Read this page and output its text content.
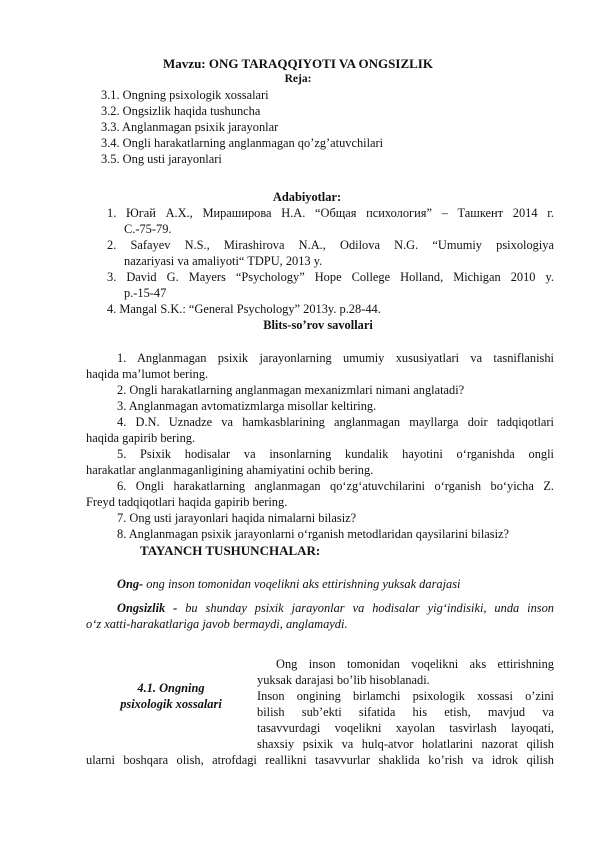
Mavzu: ONG TARAQQIYOTI VA ONGSIZLIK
Reja:
3.1. Ongning psixologik xossalari
3.2. Ongsizlik haqida tushuncha
3.3. Anglanmagan psixik jarayonlar
3.4. Ongli harakatlarning anglanmagan qo’zg’atuvchilari
3.5. Ong usti jarayonlari
Adabiyotlar:
1. Югай А.Х., Мираширова Н.А. “Общая психология” – Ташкент 2014 г.
С.-75-79.
2. Safayev N.S., Mirashirova N.A., Odilova N.G. “Umumiy psixologiya
nazariyasi va amaliyoti“ TDPU, 2013 y.
3. David G. Mayers “Psychology” Hope College Holland, Michigan 2010 y.
p.-15-47
4. Mangal S.K.: “General Psychology” 2013y. p.28-44.
Blits-so’rov savollari
1. Anglanmagan psixik jarayonlarning umumiy xususiyatlari va tasniflanishi
haqida ma’lumot bering.
2. Ongli harakatlarning anglanmagan mexanizmlari nimani anglatadi?
3. Anglanmagan avtomatizmlarga misollar keltiring.
4. D.N. Uznadze va hamkasblarining anglanmagan mayllarga doir tadqiqotlari
haqida gapirib bering.
5. Psixik hodisalar va insonlarning kundalik hayotini o‘rganishda ongli
harakatlar anglanmaganligining ahamiyatini ochib bering.
6. Ongli harakatlarning anglanmagan qo‘zg‘atuvchilarini o‘rganish bo‘yicha Z.
Freyd tadqiqotlari haqida gapirib bering.
7. Ong usti jarayonlari haqida nimalarni bilasiz?
8. Anglanmagan psixik jarayonlarni o‘rganish metodlaridan qaysilarini bilasiz?
TAYANCH TUSHUNCHALAR:
Ong- ong inson tomonidan voqelikni aks ettirishning yuksak darajasi
Ongsizlik - bu shunday psixik jarayonlar va hodisalar yig‘indisiki, unda inson
o‘z xatti-harakatlariga javob bermaydi, anglamaydi.
4.1. Ongning
psixologik xossalari
Ong inson tomonidan voqelikni aks ettirishning
yuksak darajasi bo’lib hisoblanadi.
Inson ongining birlamchi psixologik xossasi o’zini
bilish sub’ekti sifatida his etish, mavjud va
tasavvurdagi voqelikni xayolan tasvirlash layoqati,
shaxsiy psixik va hulq-atvor holatlarini nazorat qilish
ularni boshqara olish, atrofdagi reallikni tasavvurlar shaklida ko’rish va idrok qilish
